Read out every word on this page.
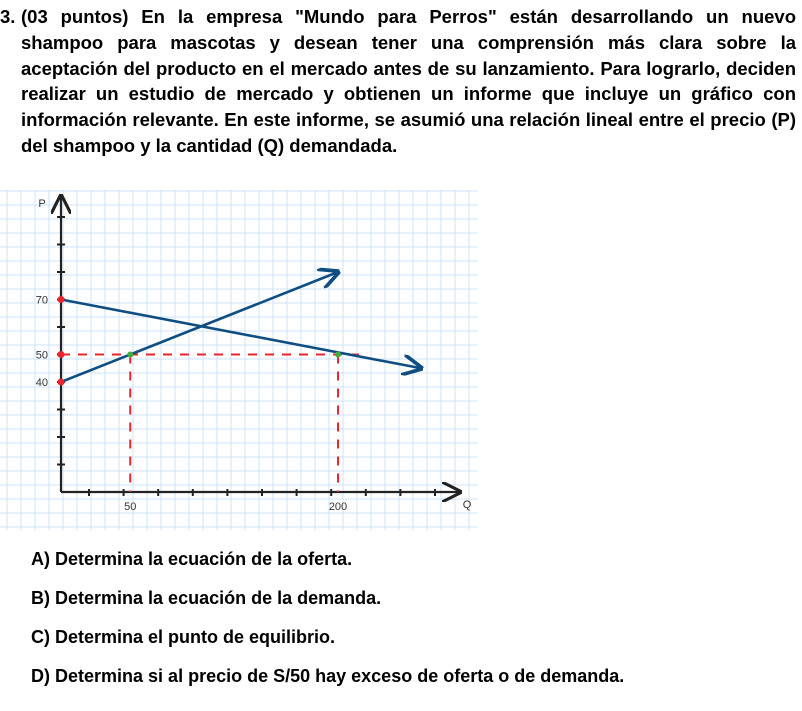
3. (03 puntos) En la empresa "Mundo para Perros" están desarrollando un nuevo shampoo para mascotas y desean tener una comprensión más clara sobre la aceptación del producto en el mercado antes de su lanzamiento. Para lograrlo, deciden realizar un estudio de mercado y obtienen un informe que incluye un gráfico con información relevante. En este informe, se asumió una relación lineal entre el precio (P) del shampoo y la cantidad (Q) demandada.
P
Q
70
50
40
50	200
A) Determina la ecuación de la oferta.
B) Determina la ecuación de la demanda.
C) Determina el punto de equilibrio.
D) Determina si al precio de S/50 hay exceso de oferta o de demanda.
